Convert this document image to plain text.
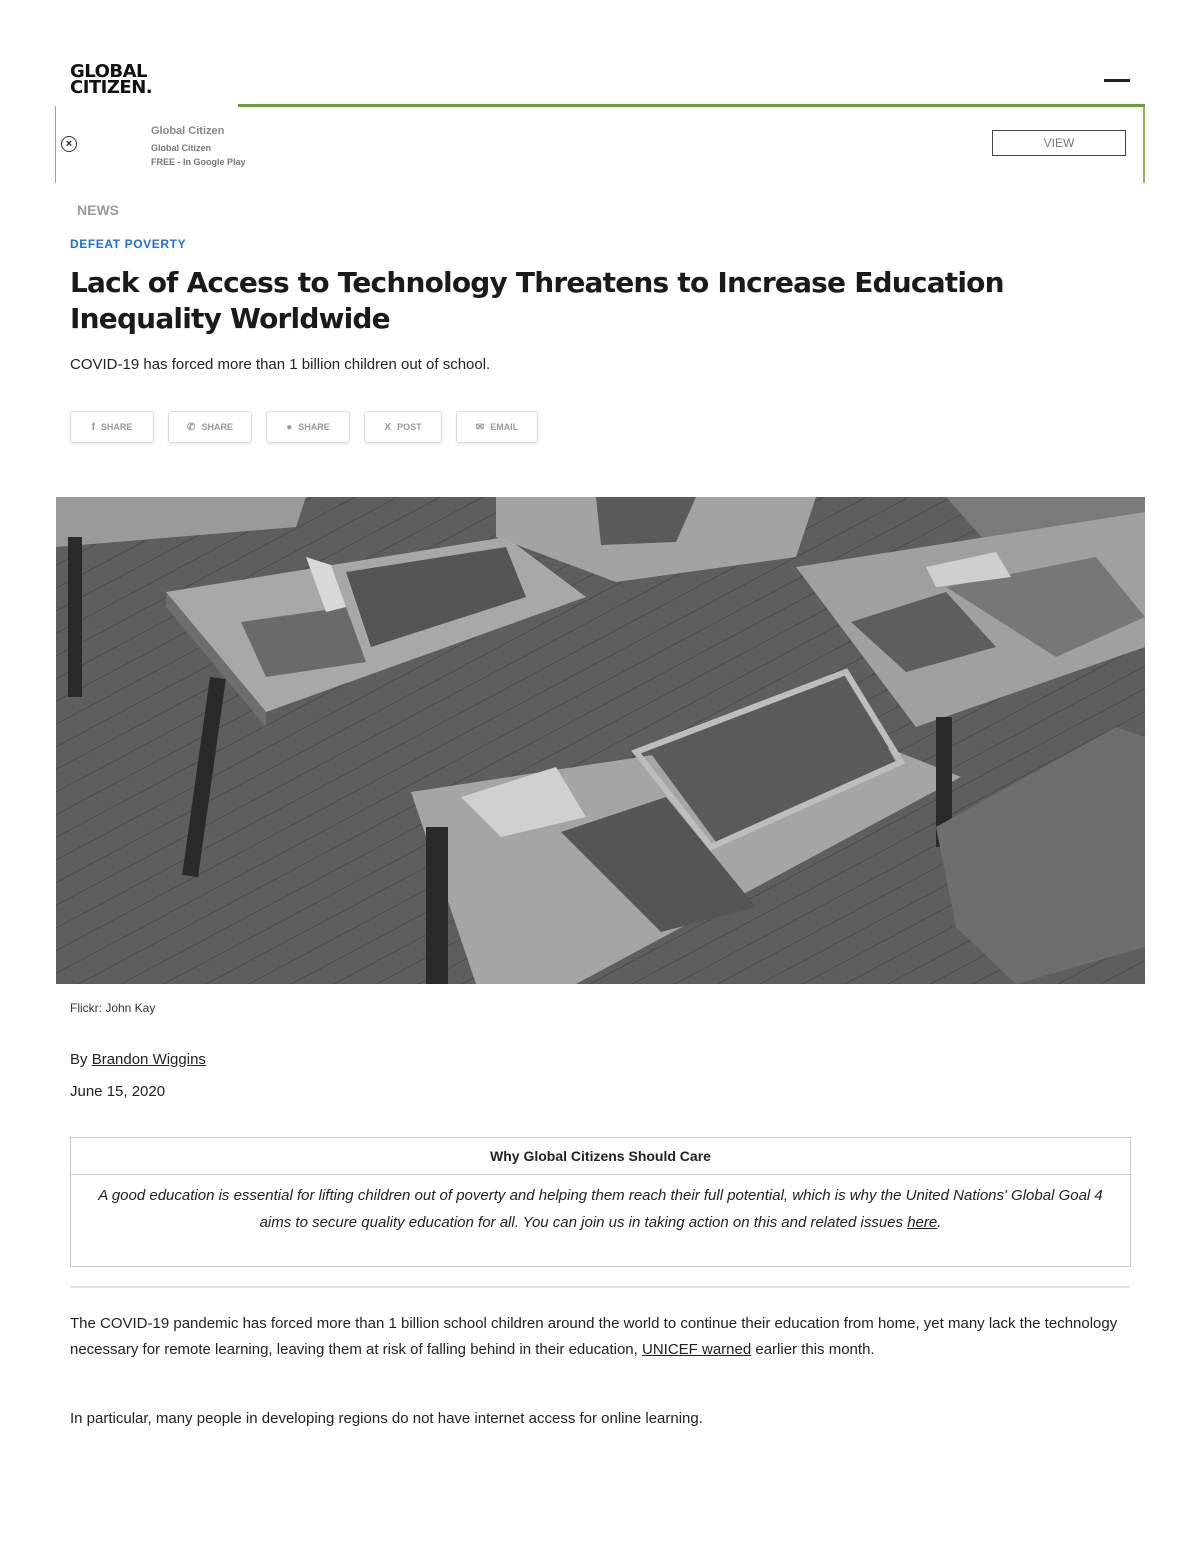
GLOBAL
CITIZEN.
×
Global Citizen
Global Citizen
FREE - In Google Play
VIEW
NEWS
DEFEAT POVERTY
Lack of Access to Technology Threatens to Increase Education Inequality Worldwide
COVID-19 has forced more than 1 billion children out of school.
f SHARE	✆ SHARE	● SHARE	X POST	✉ EMAIL
Flickr: John Kay
By Brandon Wiggins
June 15, 2020
Why Global Citizens Should Care
A good education is essential for lifting children out of poverty and helping them reach their full potential, which is why the United Nations' Global Goal 4 aims to secure quality education for all. You can join us in taking action on this and related issues here.

The COVID-19 pandemic has forced more than 1 billion school children around the world to continue their education from home, yet many lack the technology necessary for remote learning, leaving them at risk of falling behind in their education, UNICEF warned earlier this month.

In particular, many people in developing regions do not have internet access for online learning.
